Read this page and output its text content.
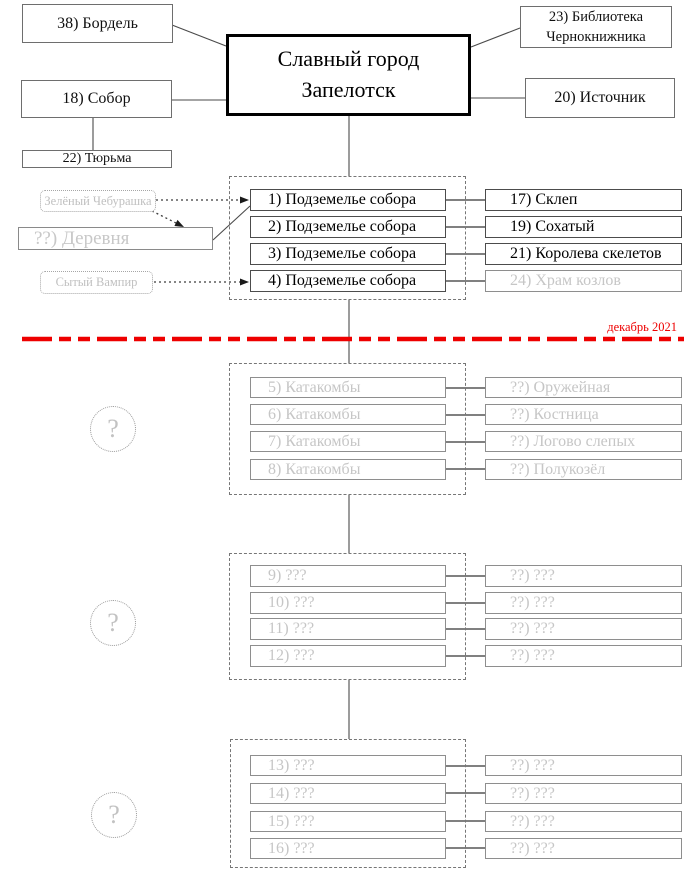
38) Бордель	23) Библиотека
Чернокнижника
18) Собор	20) Источник
22) Тюрьма
Славный город
Запелотск
Зелёный Чебурашка
??) Деревня
Сытый Вампир
декабрь 2021
1) Подземелье собора
2) Подземелье собора
3) Подземелье собора
4) Подземелье собора
17) Склеп
19) Сохатый
21) Королева скелетов
24) Храм козлов
5) Катакомбы
6) Катакомбы
7) Катакомбы
8) Катакомбы
??) Оружейная
??) Костница
??) Логово слепых
??) Полукозёл
9) ???
10) ???
11) ???
12) ???
??) ???
??) ???
??) ???
??) ???
13) ???
14) ???
15) ???
16) ???
??) ???
??) ???
??) ???
??) ???
?
?
?
